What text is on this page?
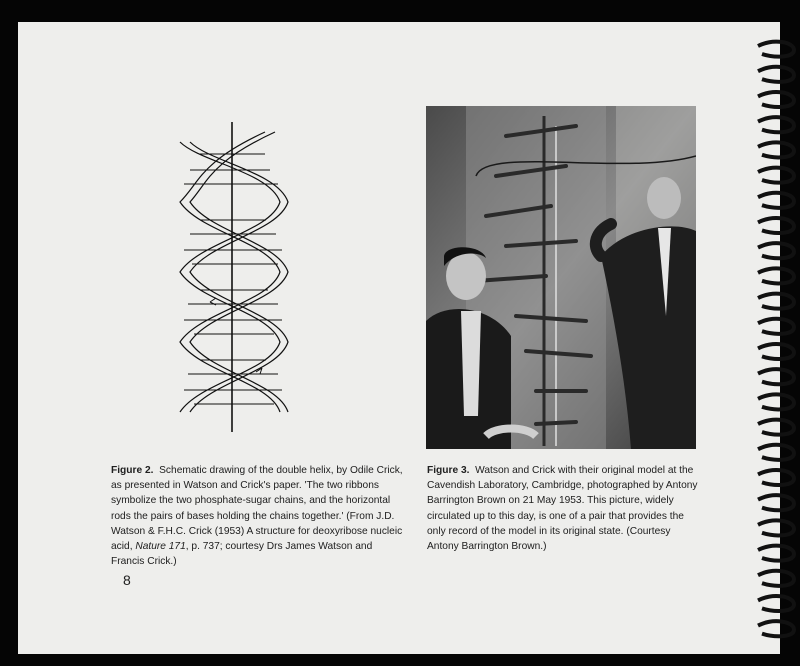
Figure 2. Schematic drawing of the double helix, by Odile Crick, as presented in Watson and Crick's paper. 'The two ribbons symbolize the two phosphate-sugar chains, and the horizontal rods the pairs of bases holding the chains together.' (From J.D. Watson & F.H.C. Crick (1953) A structure for deoxyribose nucleic acid, Nature 171, p. 737; courtesy Drs James Watson and Francis Crick.)
Figure 3. Watson and Crick with their original model at the Cavendish Laboratory, Cambridge, photographed by Antony Barrington Brown on 21 May 1953. This picture, widely circulated up to this day, is one of a pair that provides the only record of the model in its original state. (Courtesy Antony Barrington Brown.)
8
